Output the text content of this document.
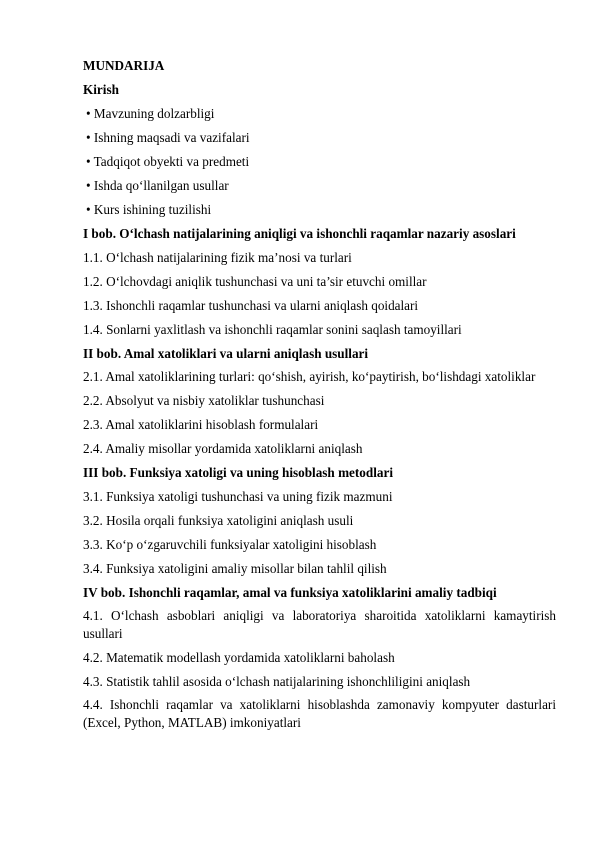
MUNDARIJA
Kirish
• Mavzuning dolzarbligi
• Ishning maqsadi va vazifalari
• Tadqiqot obyekti va predmeti
• Ishda qo‘llanilgan usullar
• Kurs ishining tuzilishi
I bob. O‘lchash natijalarining aniqligi va ishonchli raqamlar nazariy asoslari
1.1. O‘lchash natijalarining fizik ma’nosi va turlari
1.2. O‘lchovdagi aniqlik tushunchasi va uni ta’sir etuvchi omillar
1.3. Ishonchli raqamlar tushunchasi va ularni aniqlash qoidalari
1.4. Sonlarni yaxlitlash va ishonchli raqamlar sonini saqlash tamoyillari
II bob. Amal xatoliklari va ularni aniqlash usullari
2.1. Amal xatoliklarining turlari: qo‘shish, ayirish, ko‘paytirish, bo‘lishdagi xatoliklar
2.2. Absolyut va nisbiy xatoliklar tushunchasi
2.3. Amal xatoliklarini hisoblash formulalari
2.4. Amaliy misollar yordamida xatoliklarni aniqlash
III bob. Funksiya xatoligi va uning hisoblash metodlari
3.1. Funksiya xatoligi tushunchasi va uning fizik mazmuni
3.2. Hosila orqali funksiya xatoligini aniqlash usuli
3.3. Ko‘p o‘zgaruvchili funksiyalar xatoligini hisoblash
3.4. Funksiya xatoligini amaliy misollar bilan tahlil qilish
IV bob. Ishonchli raqamlar, amal va funksiya xatoliklarini amaliy tadbiqi
4.1. O‘lchash asboblari aniqligi va laboratoriya sharoitida xatoliklarni kamaytirish usullari
4.2. Matematik modellash yordamida xatoliklarni baholash
4.3. Statistik tahlil asosida o‘lchash natijalarining ishonchliligini aniqlash
4.4. Ishonchli raqamlar va xatoliklarni hisoblashda zamonaviy kompyuter dasturlari (Excel, Python, MATLAB) imkoniyatlari
